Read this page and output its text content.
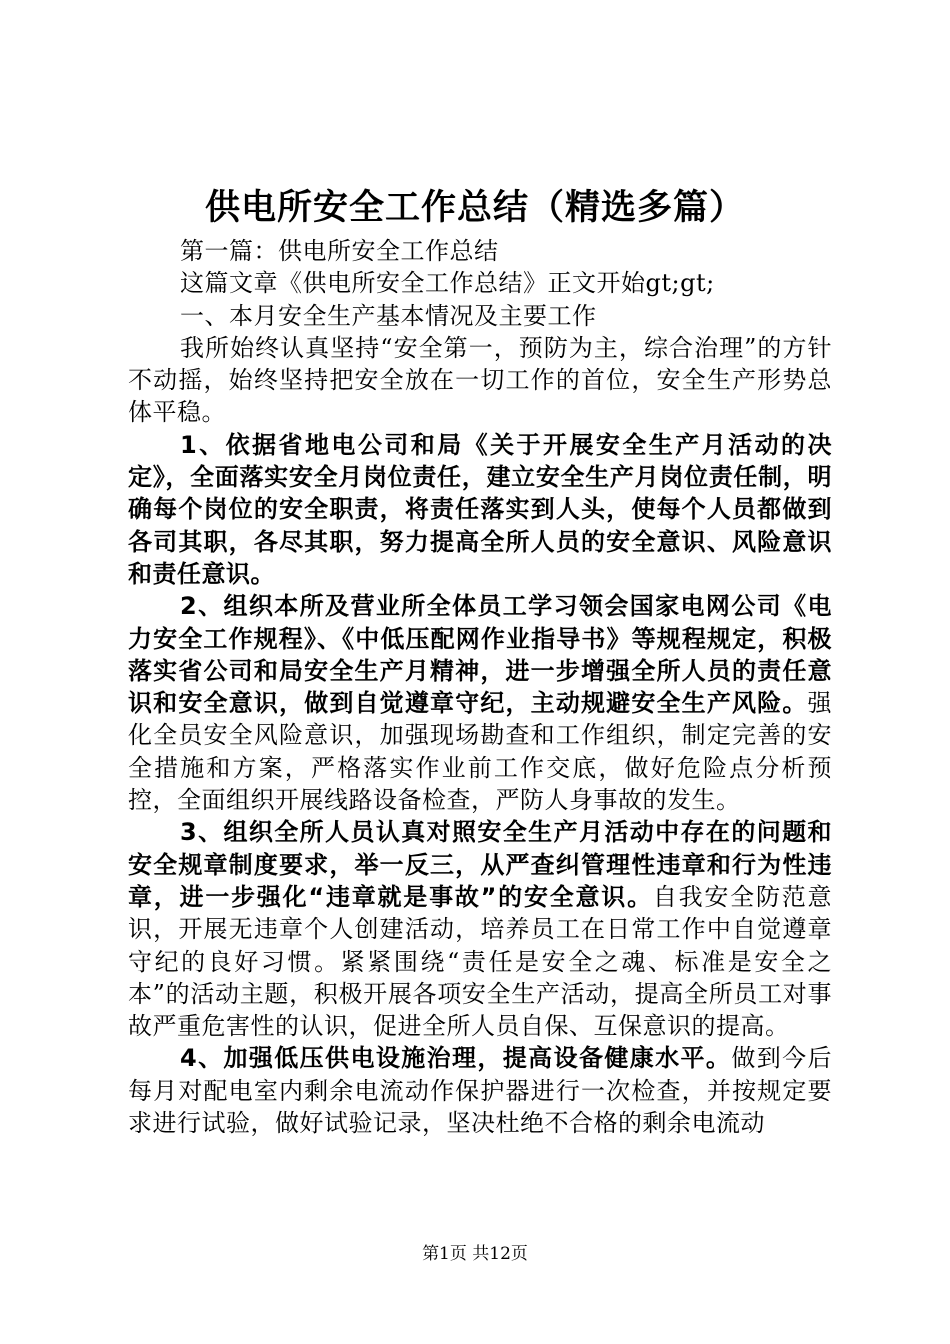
供电所安全工作总结（精选多篇）

第一篇：供电所安全工作总结

这篇文章《供电所安全工作总结》正文开始gt;gt;

一、本月安全生产基本情况及主要工作

我所始终认真坚持“安全第一，预防为主，综合治理”的方针不动摇，始终坚持把安全放在一切工作的首位，安全生产形势总体平稳。

1、依据省地电公司和局《关于开展安全生产月活动的决定》，全面落实安全月岗位责任，建立安全生产月岗位责任制，明确每个岗位的安全职责，将责任落实到人头，使每个人员都做到各司其职，各尽其职，努力提高全所人员的安全意识、风险意识和责任意识。

2、组织本所及营业所全体员工学习领会国家电网公司《电力安全工作规程》、《中低压配网作业指导书》等规程规定，积极落实省公司和局安全生产月精神，进一步增强全所人员的责任意识和安全意识，做到自觉遵章守纪，主动规避安全生产风险。强化全员安全风险意识，加强现场勘查和工作组织，制定完善的安全措施和方案，严格落实作业前工作交底，做好危险点分析预控，全面组织开展线路设备检查，严防人身事故的发生。

3、组织全所人员认真对照安全生产月活动中存在的问题和安全规章制度要求，举一反三，从严查纠管理性违章和行为性违章，进一步强化“违章就是事故”的安全意识。自我安全防范意识，开展无违章个人创建活动，培养员工在日常工作中自觉遵章守纪的良好习惯。紧紧围绕“责任是安全之魂、标准是安全之本”的活动主题，积极开展各项安全生产活动，提高全所员工对事故严重危害性的认识，促进全所人员自保、互保意识的提高。

4、加强低压供电设施治理，提高设备健康水平。做到今后每月对配电室内剩余电流动作保护器进行一次检查，并按规定要求进行试验，做好试验记录，坚决杜绝不合格的剩余电流动

第1页 共12页
